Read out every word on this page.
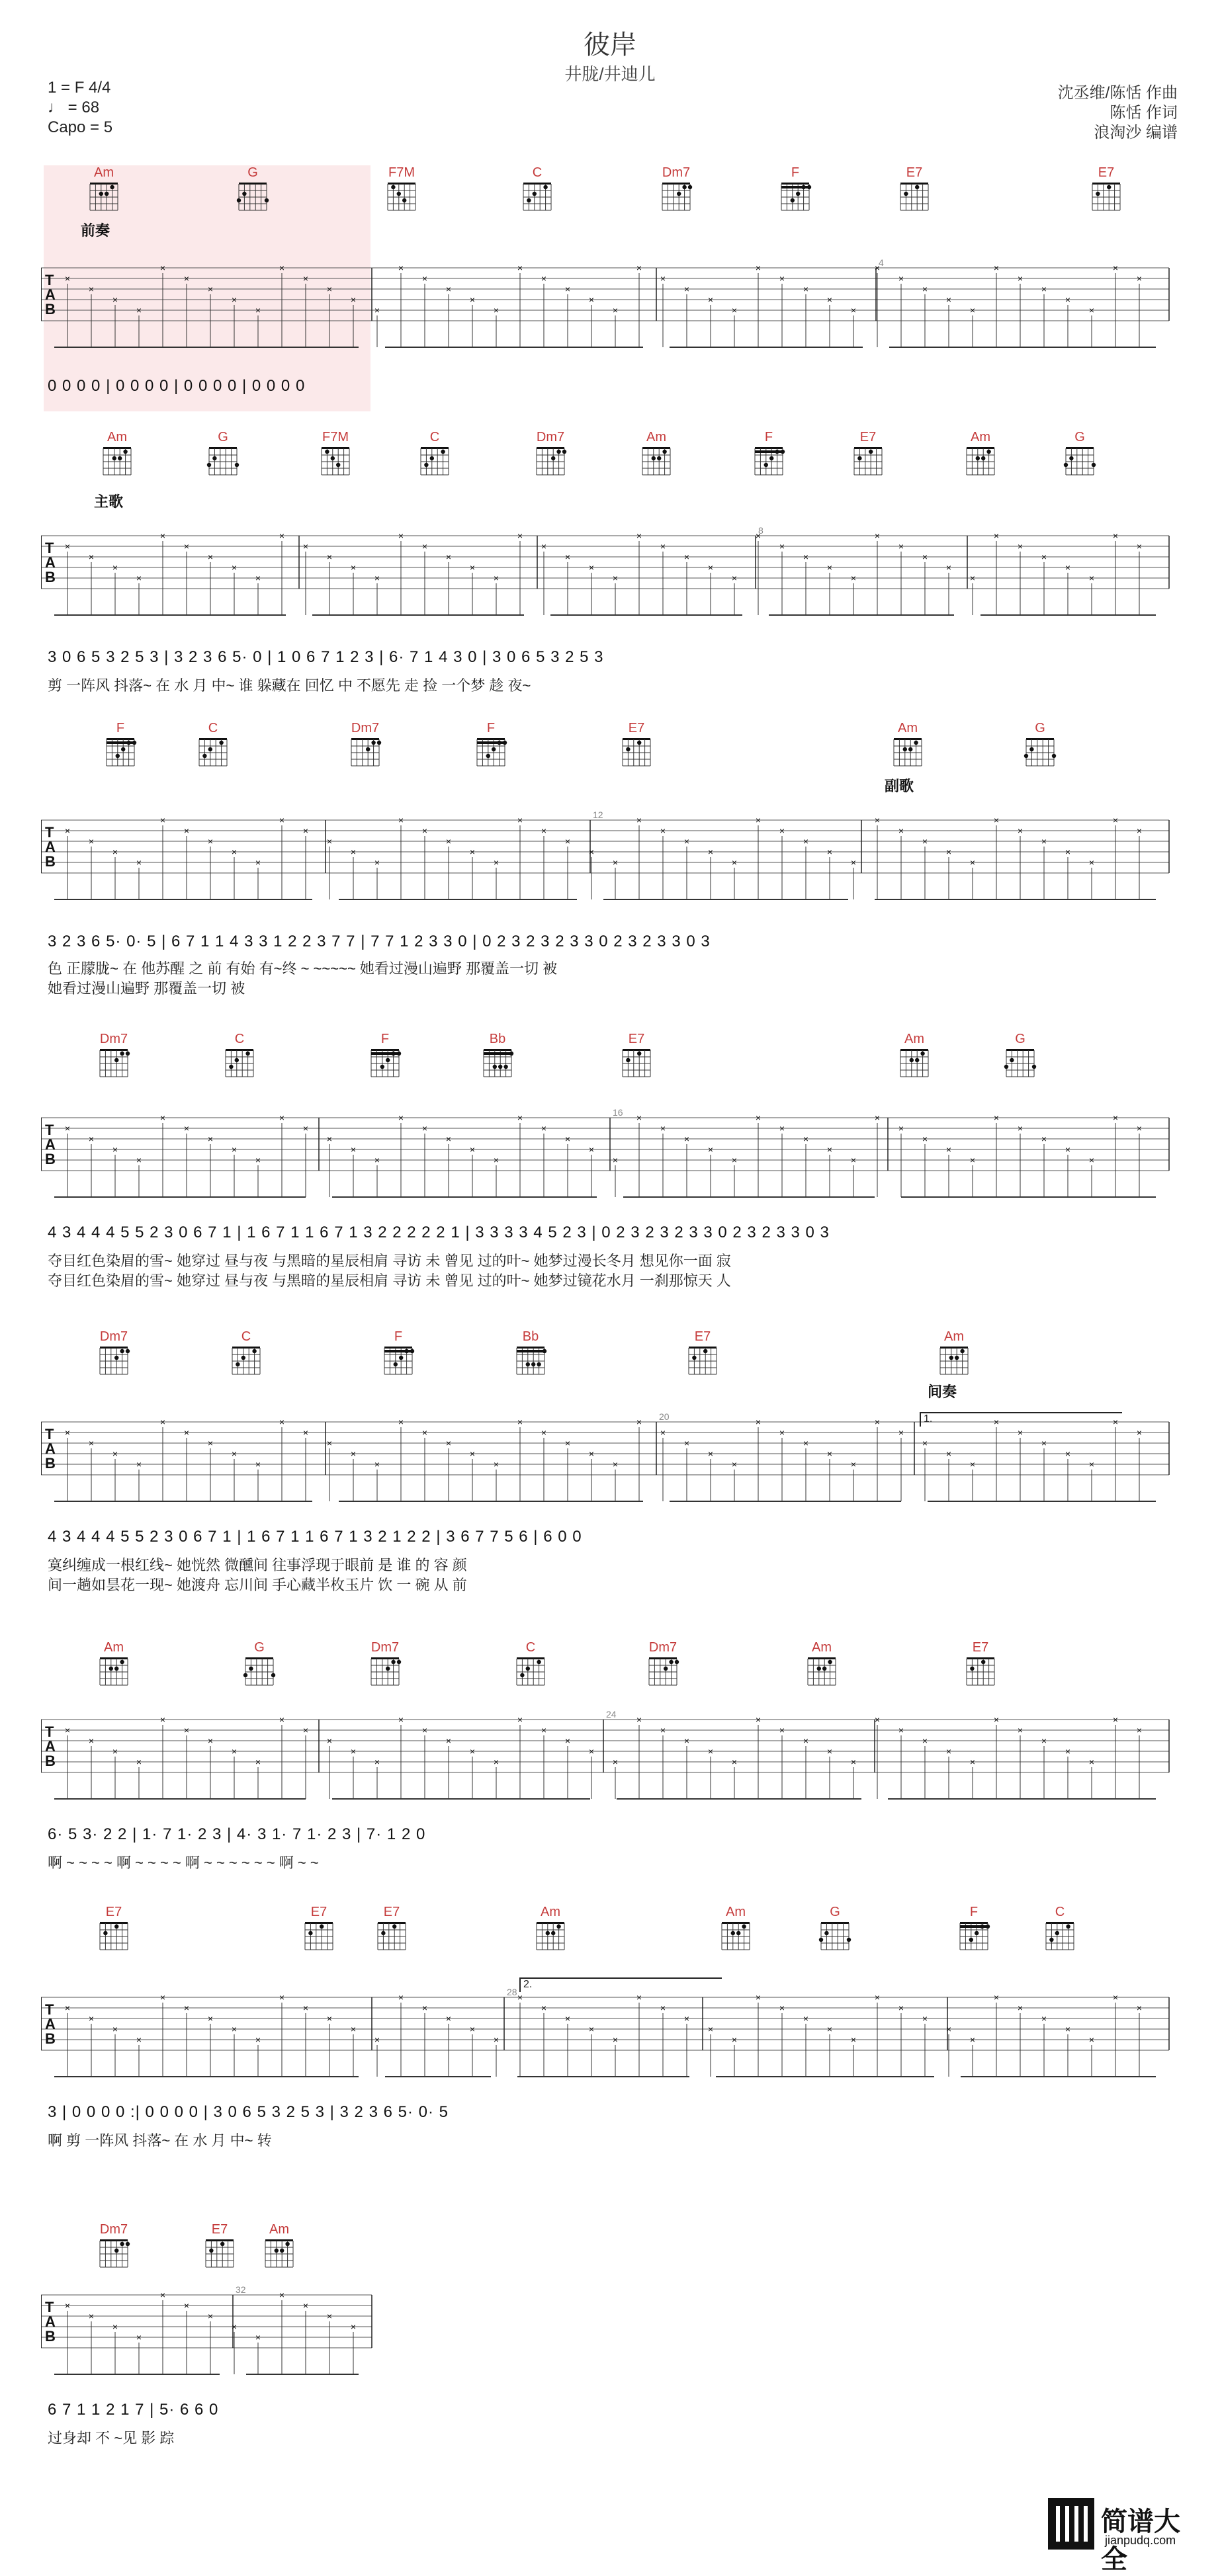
彼岸
井胧/井迪儿
1 = F 4/4
♩ = 68
Capo = 5
沈丞维/陈恬 作曲
陈恬 作词
浪淘沙 编谱
Am	G	F7M	C	Dm7	F	E7	E7
前奏
×
×
×
×
×
×
×
×
×
×
×
×
×
×
×
×
×
×
×
×
×
×
×
×
×
×
×
×
×
×
×
×
×
×
×
×
×
×
×
×
×
×
×
×
×
×
T
A
B
4
0 0 0 0 | 0 0 0 0 | 0 0 0 0 | 0 0 0 0
Am	G	F7M	C	Dm7	Am	F	E7	Am	G
主歌
×
×
×
×
×
×
×
×
×
×
×
×
×
×
×
×
×
×
×
×
×
×
×
×
×
×
×
×
×
×
×
×
×
×
×
×
×
×
×
×
×
×
×
×
×
×
T
A
B
8
3 0 6 5 3 2 5 3 | 3 2 3 6 5· 0 | 1 0 6 7 1 2 3 | 6· 7 1 4 3 0 | 3 0 6 5 3 2 5 3
剪 一阵风 抖落~ 在 水 月 中~ 谁 躲藏在 回忆 中 不愿先 走 捡 一个梦 趁 夜~
F	C	Dm7	F	E7	Am	G
副歌
×
×
×
×
×
×
×
×
×
×
×
×
×
×
×
×
×
×
×
×
×
×
×
×
×
×
×
×
×
×
×
×
×
×
×
×
×
×
×
×
×
×
×
×
×
×
T
A
B
12
3 2 3 6 5· 0· 5 | 6 7 1 1 4 3 3 1 2 2 3 7 7 | 7 7 1 2 3 3 0 | 0 2 3 2 3 2 3 3 0 2 3 2 3 3 0 3
色 正朦胧~ 在 他苏醒 之 前 有始 有~终 ~ ~~~~~ 她看过漫山遍野 那覆盖一切 被
她看过漫山遍野 那覆盖一切 被
Dm7	C	F	Bb	E7	Am	G
×
×
×
×
×
×
×
×
×
×
×
×
×
×
×
×
×
×
×
×
×
×
×
×
×
×
×
×
×
×
×
×
×
×
×
×
×
×
×
×
×
×
×
×
×
×
T
A
B
16
4 3 4 4 4 5 5 2 3 0 6 7 1 | 1 6 7 1 1 6 7 1 3 2 2 2 2 2 1 | 3 3 3 3 4 5 2 3 | 0 2 3 2 3 2 3 3 0 2 3 2 3 3 0 3
夺目红色染眉的雪~ 她穿过 昼与夜 与黑暗的星辰相肩 寻访 未 曾见 过的叶~ 她梦过漫长冬月 想见你一面 寂
夺目红色染眉的雪~ 她穿过 昼与夜 与黑暗的星辰相肩 寻访 未 曾见 过的叶~ 她梦过镜花水月 一刹那惊天 人
Dm7	C	F	Bb	E7	Am
间奏
×
×
×
×
×
×
×
×
×
×
×
×
×
×
×
×
×
×
×
×
×
×
×
×
×
×
×
×
×
×
×
×
×
×
×
×
×
×
×
×
×
×
×
×
×
×
T
A
B
20
4 3 4 4 4 5 5 2 3 0 6 7 1 | 1 6 7 1 1 6 7 1 3 2 1 2 2 | 3 6 7 7 5 6 | 6 0 0
寞纠缠成一根红线~ 她恍然 微醺间 往事浮现于眼前 是 谁 的 容 颜
间一趟如昙花一现~ 她渡舟 忘川间 手心藏半枚玉片 饮 一 碗 从 前
Am	G	Dm7	C	Dm7	Am	E7
×
×
×
×
×
×
×
×
×
×
×
×
×
×
×
×
×
×
×
×
×
×
×
×
×
×
×
×
×
×
×
×
×
×
×
×
×
×
×
×
×
×
×
×
×
×
T
A
B
24
6· 5 3· 2 2 | 1· 7 1· 2 3 | 4· 3 1· 7 1· 2 3 | 7· 1 2 0
啊 ~ ~ ~ ~ 啊 ~ ~ ~ ~ 啊 ~ ~ ~ ~ ~ ~ 啊 ~ ~
E7	E7	E7	Am	Am	G	F	C
×
×
×
×
×
×
×
×
×
×
×
×
×
×
×
×
×
×
×
×
×
×
×
×
×
×
×
×
×
×
×
×
×
×
×
×
×
×
×
×
×
×
×
×
×
×
T
A
B
28
3 | 0 0 0 0 :| 0 0 0 0 | 3 0 6 5 3 2 5 3 | 3 2 3 6 5· 0· 5
啊 剪 一阵风 抖落~ 在 水 月 中~ 转
Dm7	E7	Am
×
×
×
×
×
×
×
×
×
×
×
×
×
T
A
B
32
6 7 1 1 2 1 7 | 5· 6 6 0
过身却 不 ~见 影 踪
简谱大全
jianpudq.com
1.
2.
